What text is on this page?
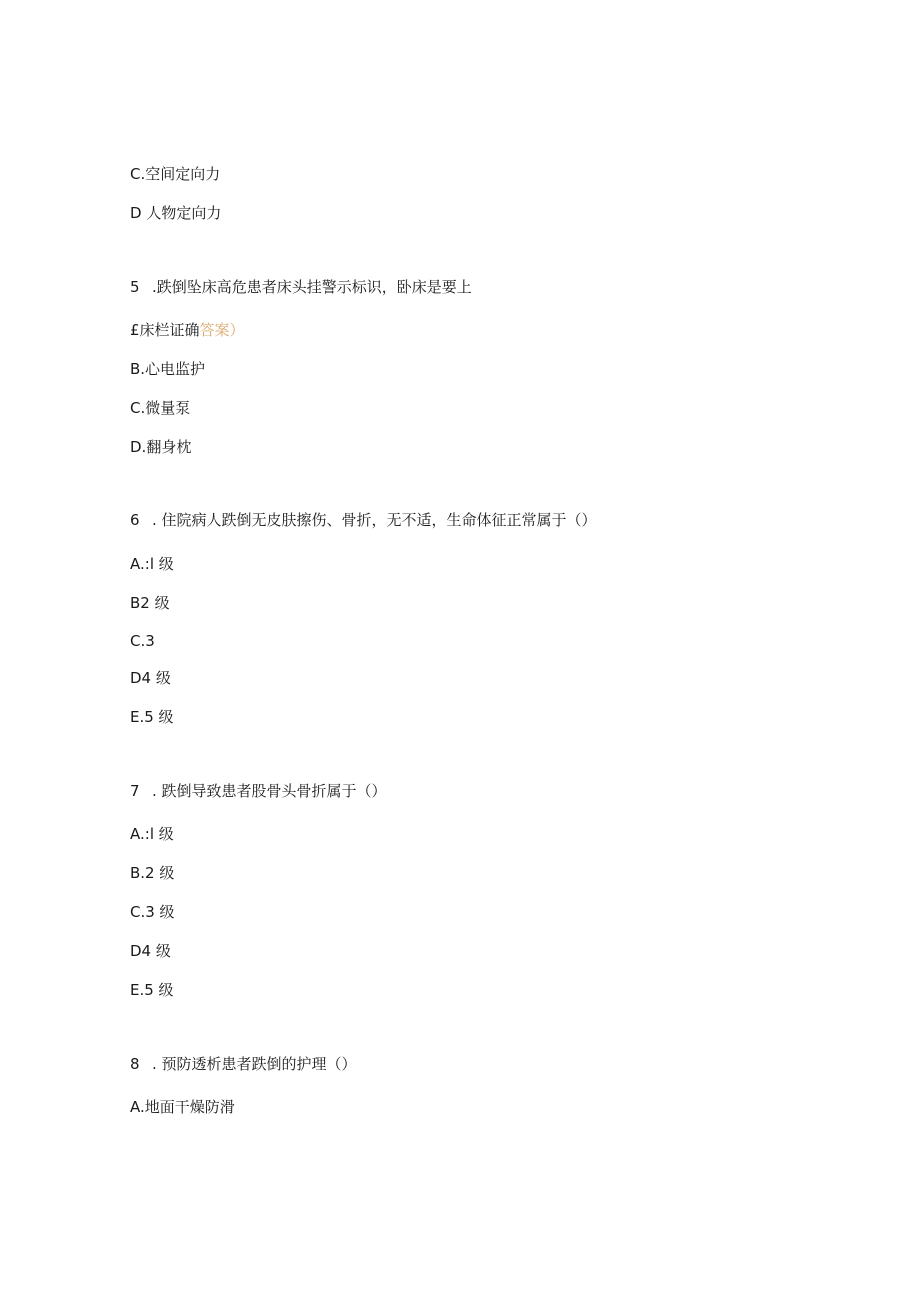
C.空间定向力
D 人物定向力
5 .跌倒坠床高危患者床头挂警示标识，卧床是要上
£床栏证确答案）
B.心电监护
C.微量泵
D.翻身枕
6 . 住院病人跌倒无皮肤擦伤、骨折，无不适，生命体征正常属于（）
A.:l 级
B2 级
C.3
D4 级
E.5 级
7 . 跌倒导致患者股骨头骨折属于（）
A.:l 级
B.2 级
C.3 级
D4 级
E.5 级
8 . 预防透析患者跌倒的护理（）
A.地面干燥防滑
